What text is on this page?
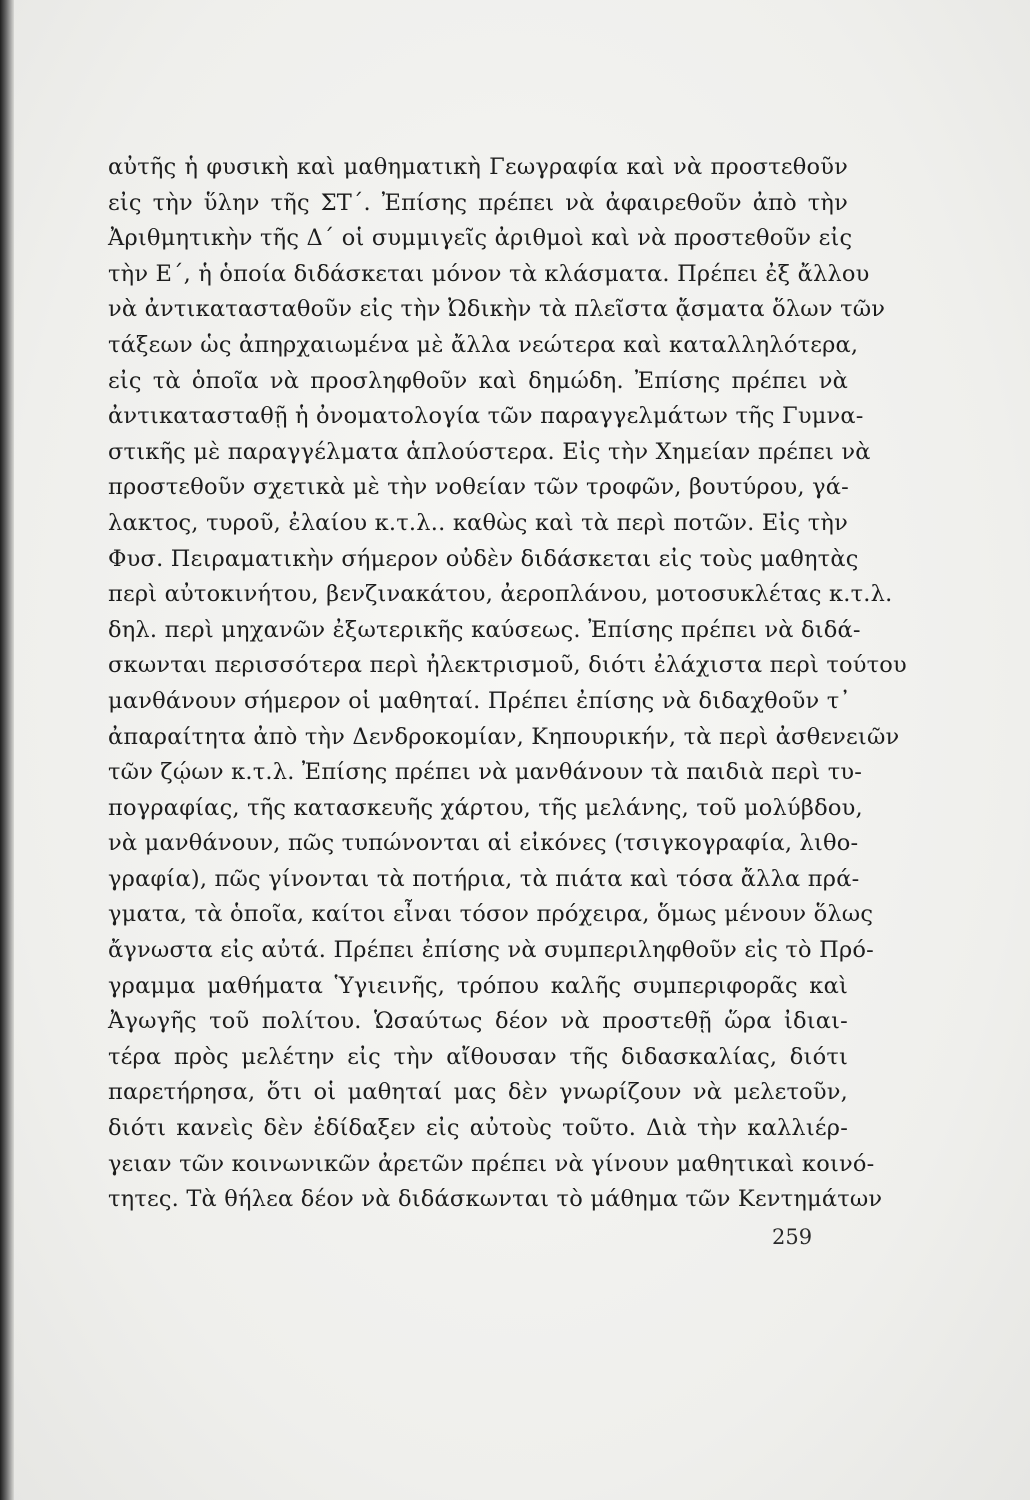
αὐτῆς ἡ φυσικὴ καὶ μαθηματικὴ Γεωγραφία καὶ νὰ προστεθοῦν
εἰς τὴν ὕλην τῆς ΣΤ΄. Ἐπίσης πρέπει νὰ ἀφαιρεθοῦν ἀπὸ τὴν
Ἀριθμητικὴν τῆς Δ΄ οἱ συμμιγεῖς ἀριθμοὶ καὶ νὰ προστεθοῦν εἰς
τὴν Ε΄, ἡ ὁποία διδάσκεται μόνον τὰ κλάσματα. Πρέπει ἐξ ἄλλου
νὰ ἀντικατασταθοῦν εἰς τὴν Ὠδικὴν τὰ πλεῖστα ᾄσματα ὅλων τῶν
τάξεων ὡς ἀπηρχαιωμένα μὲ ἄλλα νεώτερα καὶ καταλληλότερα,
εἰς τὰ ὁποῖα νὰ προσληφθοῦν καὶ δημώδη. Ἐπίσης πρέπει νὰ
ἀντικατασταθῇ ἡ ὀνοματολογία τῶν παραγγελμάτων τῆς Γυμνα-
στικῆς μὲ παραγγέλματα ἁπλούστερα. Εἰς τὴν Χημείαν πρέπει νὰ
προστεθοῦν σχετικὰ μὲ τὴν νοθείαν τῶν τροφῶν, βουτύρου, γά-
λακτος, τυροῦ, ἐλαίου κ.τ.λ.. καθὼς καὶ τὰ περὶ ποτῶν. Εἰς τὴν
Φυσ. Πειραματικὴν σήμερον οὐδὲν διδάσκεται εἰς τοὺς μαθητὰς
περὶ αὐτοκινήτου, βενζινακάτου, ἀεροπλάνου, μοτοσυκλέτας κ.τ.λ.
δηλ. περὶ μηχανῶν ἐξωτερικῆς καύσεως. Ἐπίσης πρέπει νὰ διδά-
σκωνται περισσότερα περὶ ἠλεκτρισμοῦ, διότι ἐλάχιστα περὶ τούτου
μανθάνουν σήμερον οἱ μαθηταί. Πρέπει ἐπίσης νὰ διδαχθοῦν τ᾽
ἀπαραίτητα ἀπὸ τὴν Δενδροκομίαν, Κηπουρικήν, τὰ περὶ ἀσθενειῶν
τῶν ζῴων κ.τ.λ. Ἐπίσης πρέπει νὰ μανθάνουν τὰ παιδιὰ περὶ τυ-
πογραφίας, τῆς κατασκευῆς χάρτου, τῆς μελάνης, τοῦ μολύβδου,
νὰ μανθάνουν, πῶς τυπώνονται αἱ εἰκόνες (τσιγκογραφία, λιθο-
γραφία), πῶς γίνονται τὰ ποτήρια, τὰ πιάτα καὶ τόσα ἄλλα πρά-
γματα, τὰ ὁποῖα, καίτοι εἶναι τόσον πρόχειρα, ὅμως μένουν ὅλως
ἄγνωστα εἰς αὐτά. Πρέπει ἐπίσης νὰ συμπεριληφθοῦν εἰς τὸ Πρό-
γραμμα μαθήματα Ὑγιεινῆς, τρόπου καλῆς συμπεριφορᾶς καὶ
Ἀγωγῆς τοῦ πολίτου. Ὡσαύτως δέον νὰ προστεθῇ ὥρα ἰδιαι-
τέρα πρὸς μελέτην εἰς τὴν αἴθουσαν τῆς διδασκαλίας, διότι
παρετήρησα, ὅτι οἱ μαθηταί μας δὲν γνωρίζουν νὰ μελετοῦν,
διότι κανεὶς δὲν ἐδίδαξεν εἰς αὐτοὺς τοῦτο. Διὰ τὴν καλλιέρ-
γειαν τῶν κοινωνικῶν ἀρετῶν πρέπει νὰ γίνουν μαθητικαὶ κοινό-
τητες. Τὰ θήλεα δέον νὰ διδάσκωνται τὸ μάθημα τῶν Κεντημάτων
259
